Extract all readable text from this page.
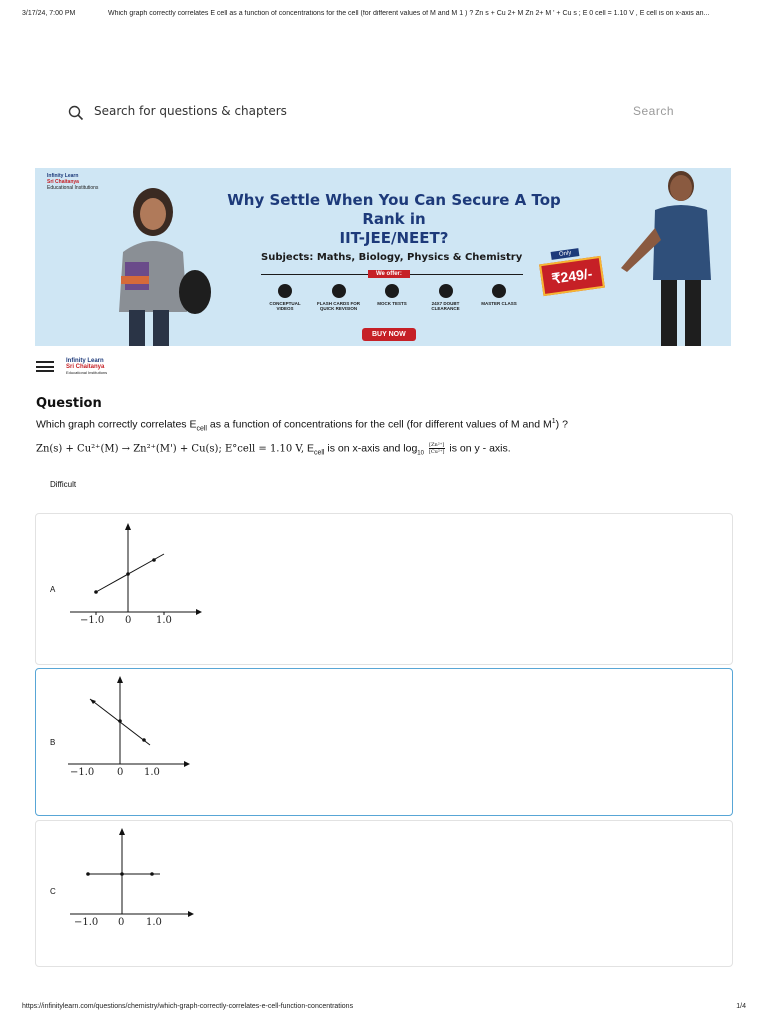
3/17/24, 7:00 PM	Which graph correctly correlates E cell as a function of concentrations for the cell (for different values of M and M 1 ) ? Zn s + Cu 2+ M Zn 2+ M ' + Cu s ; E 0 cell = 1.10 V , E cell is on x-axis an...
Search for questions & chapters
Search
Infinity Learn
Sri Chaitanya
Educational Institutions
Why Settle When You Can Secure A Top Rank in
IIT-JEE/NEET?
Subjects: Maths, Biology, Physics & Chemistry
We offer:
CONCEPTUAL VIDEOS
FLASH CARDS FOR QUICK REVISION
MOCK TESTS	24X7 DOUBT CLEARANCE
MASTER CLASS
BUY NOW
Only
₹249/-
Infinity Learn
Sri Chaitanya
Educational Institutions
Question
Which graph correctly correlates $E_{cell}$ as a function of concentrations for the cell (for different values of M and $M^1$) ?
Zn(s) + Cu²⁺(M) → Zn²⁺(M') + Cu(s); E°cell = 1.10 V, $E_{cell}$ is on x-axis and $\log_{10} \frac{\text{[Zn²⁺]}}{\text{[Cu²⁺]}}$ is on y - axis.
Difficult
A
−1.0 0 1.0
B
−1.0 0 1.0
C
−1.0 0 1.0
https://infinitylearn.com/questions/chemistry/which-graph-correctly-correlates-e-cell-function-concentrations	1/4
